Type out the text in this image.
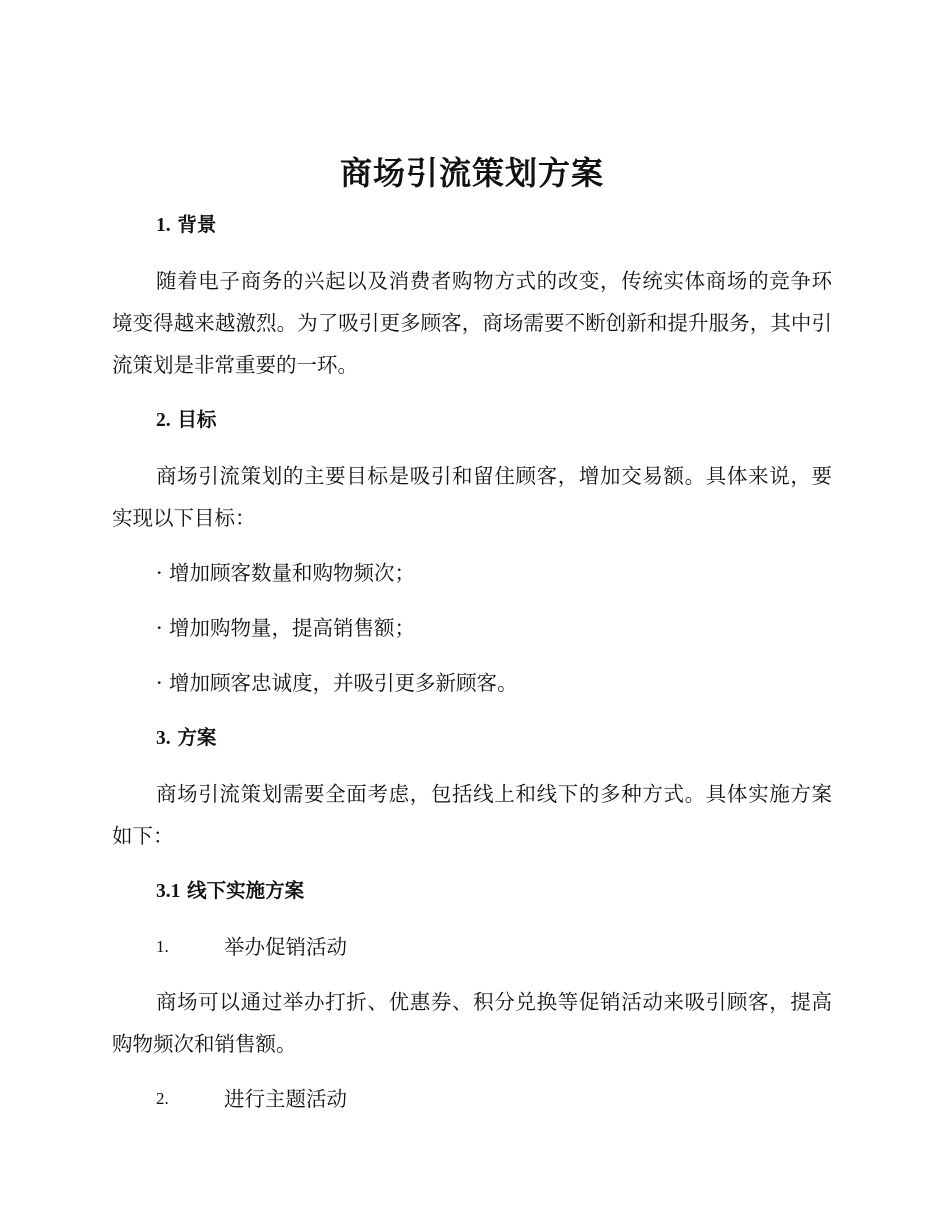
商场引流策划方案
1. 背景

随着电子商务的兴起以及消费者购物方式的改变，传统实体商场的竞争环境变得越来越激烈。为了吸引更多顾客，商场需要不断创新和提升服务，其中引流策划是非常重要的一环。

2. 目标

商场引流策划的主要目标是吸引和留住顾客，增加交易额。具体来说，要实现以下目标：

· 增加顾客数量和购物频次；

· 增加购物量，提高销售额；

· 增加顾客忠诚度，并吸引更多新顾客。

3. 方案

商场引流策划需要全面考虑，包括线上和线下的多种方式。具体实施方案如下：

3.1 线下实施方案
1.	举办促销活动

商场可以通过举办打折、优惠券、积分兑换等促销活动来吸引顾客，提高购物频次和销售额。

2.	进行主题活动
